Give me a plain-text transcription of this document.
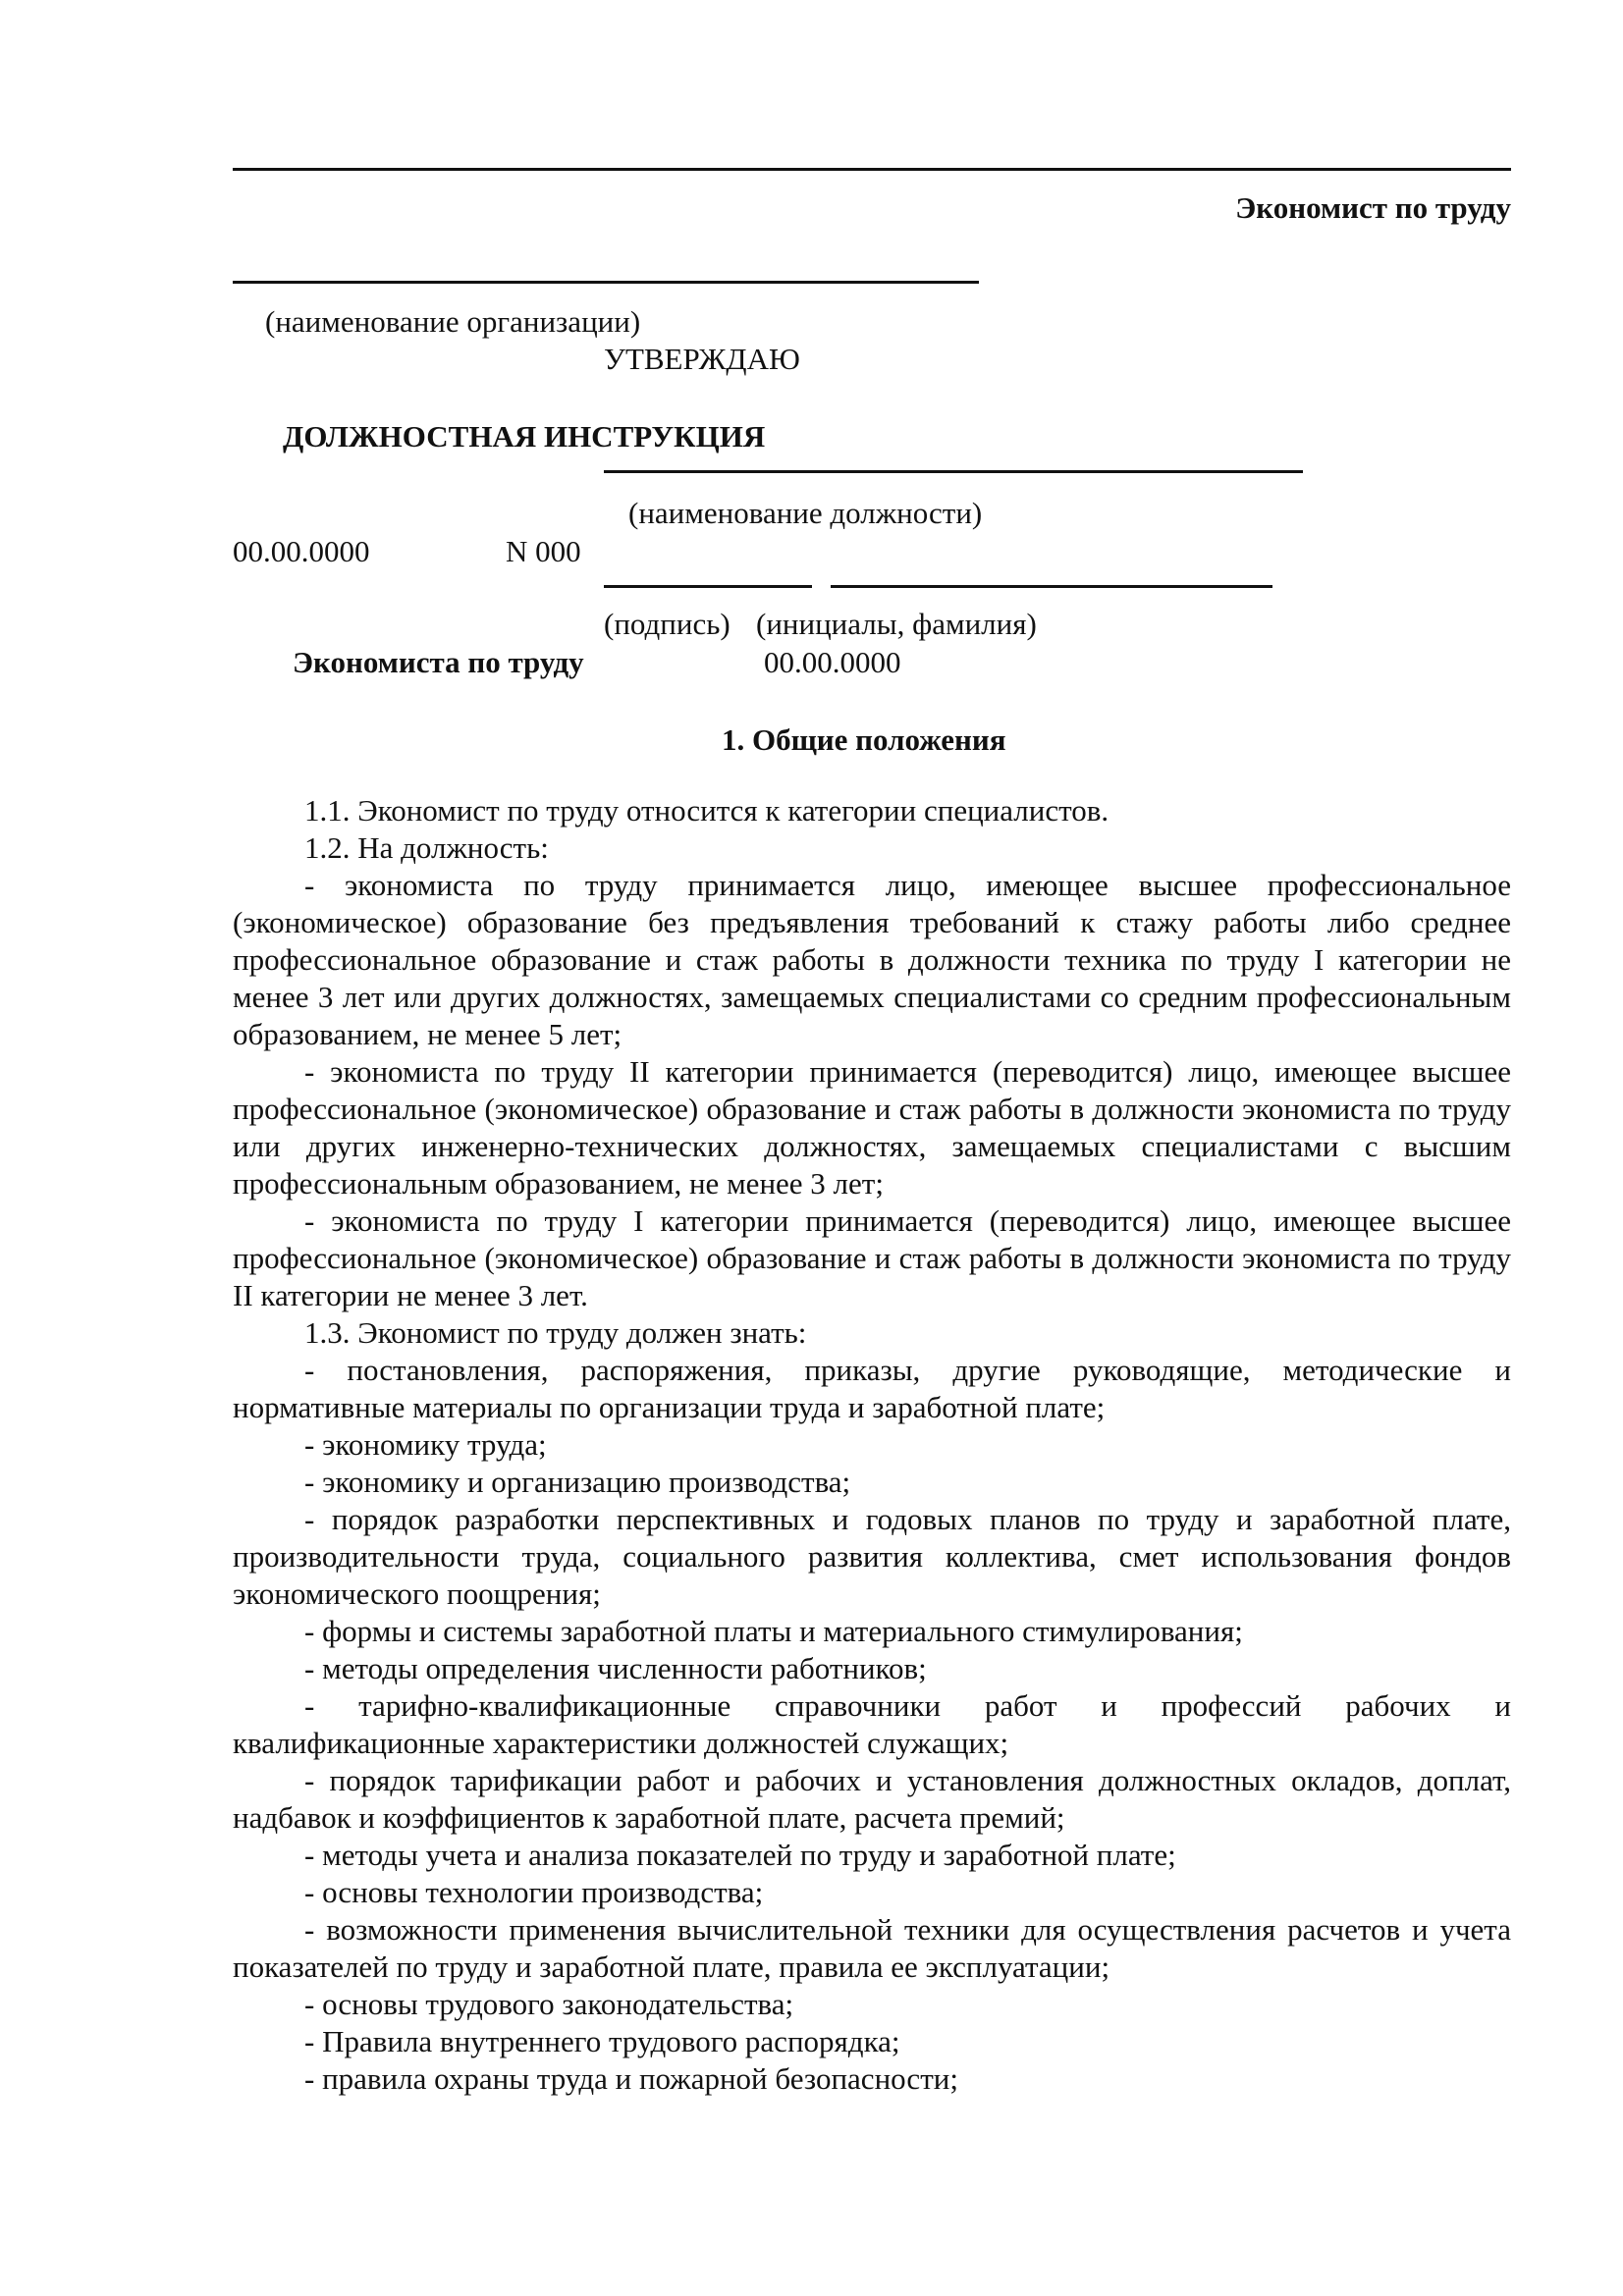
Экономист по труду
(наименование организации)
УТВЕРЖДАЮ
ДОЛЖНОСТНАЯ ИНСТРУКЦИЯ
(наименование должности)
00.00.0000	N 000
(подпись) (инициалы, фамилия)
Экономиста по труду	00.00.0000
1. Общие положения

1.1. Экономист по труду относится к категории специалистов.

1.2. На должность:

- экономиста по труду принимается лицо, имеющее высшее профессиональное (экономическое) образование без предъявления требований к стажу работы либо среднее профессиональное образование и стаж работы в должности техника по труду I категории не менее 3 лет или других должностях, замещаемых специалистами со средним профессиональным образованием, не менее 5 лет;

- экономиста по труду II категории принимается (переводится) лицо, имеющее высшее профессиональное (экономическое) образование и стаж работы в должности экономиста по труду или других инженерно-технических должностях, замещаемых специалистами с высшим профессиональным образованием, не менее 3 лет;

- экономиста по труду I категории принимается (переводится) лицо, имеющее высшее профессиональное (экономическое) образование и стаж работы в должности экономиста по труду II категории не менее 3 лет.

1.3. Экономист по труду должен знать:

- постановления, распоряжения, приказы, другие руководящие, методические и нормативные материалы по организации труда и заработной плате;

- экономику труда;

- экономику и организацию производства;

- порядок разработки перспективных и годовых планов по труду и заработной плате, производительности труда, социального развития коллектива, смет использования фондов экономического поощрения;

- формы и системы заработной платы и материального стимулирования;

- методы определения численности работников;

- тарифно-квалификационные справочники работ и профессий рабочих и квалификационные характеристики должностей служащих;

- порядок тарификации работ и рабочих и установления должностных окладов, доплат, надбавок и коэффициентов к заработной плате, расчета премий;

- методы учета и анализа показателей по труду и заработной плате;

- основы технологии производства;

- возможности применения вычислительной техники для осуществления расчетов и учета показателей по труду и заработной плате, правила ее эксплуатации;

- основы трудового законодательства;

- Правила внутреннего трудового распорядка;

- правила охраны труда и пожарной безопасности;
